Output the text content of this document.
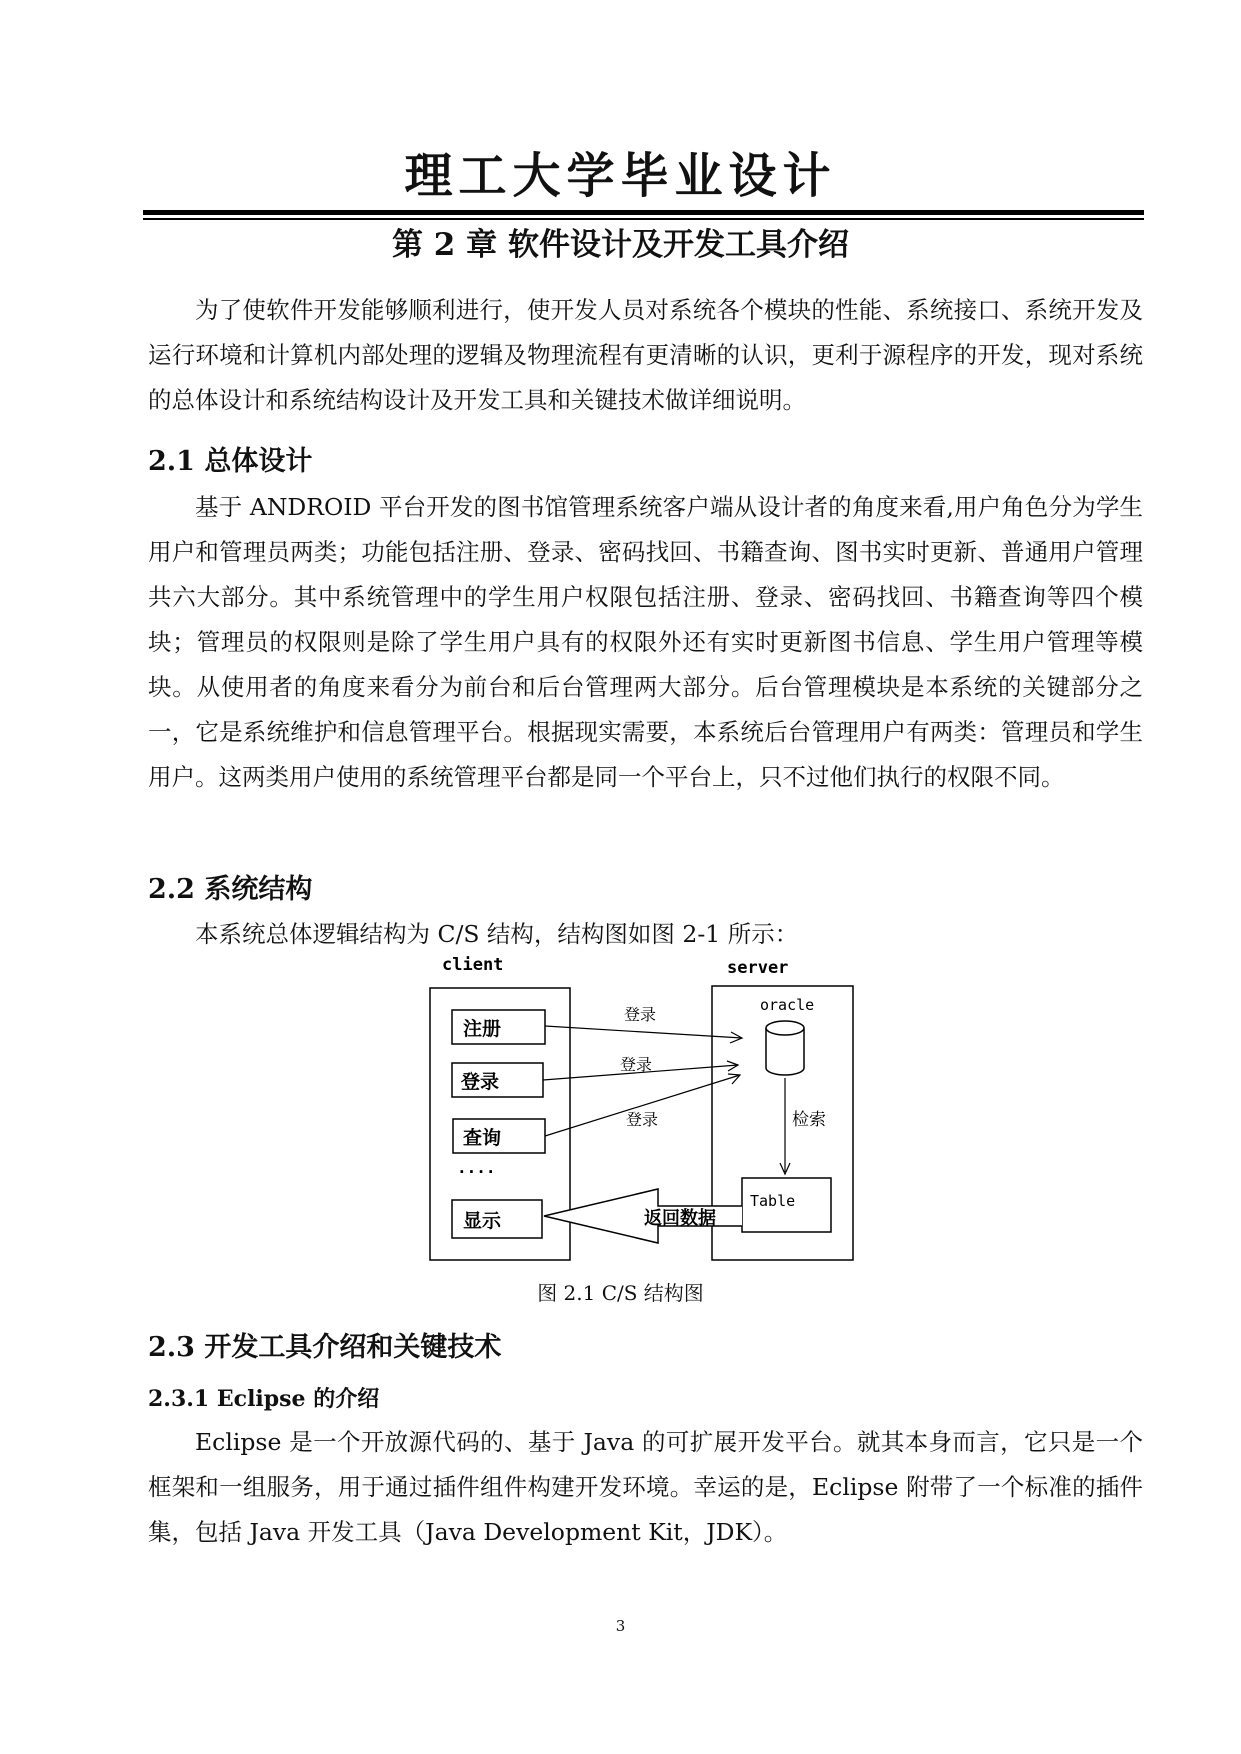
理工大学毕业设计
第 2 章 软件设计及开发工具介绍

为了使软件开发能够顺利进行，使开发人员对系统各个模块的性能、系统接口、系统开发及运行环境和计算机内部处理的逻辑及物理流程有更清晰的认识，更利于源程序的开发，现对系统的总体设计和系统结构设计及开发工具和关键技术做详细说明。

2.1 总体设计

基于 ANDROID 平台开发的图书馆管理系统客户端从设计者的角度来看,用户角色分为学生用户和管理员两类；功能包括注册、登录、密码找回、书籍查询、图书实时更新、普通用户管理共六大部分。其中系统管理中的学生用户权限包括注册、登录、密码找回、书籍查询等四个模块；管理员的权限则是除了学生用户具有的权限外还有实时更新图书信息、学生用户管理等模块。从使用者的角度来看分为前台和后台管理两大部分。后台管理模块是本系统的关键部分之一，它是系统维护和信息管理平台。根据现实需要，本系统后台管理用户有两类：管理员和学生用户。这两类用户使用的系统管理平台都是同一个平台上，只不过他们执行的权限不同。

2.2 系统结构

本系统总体逻辑结构为 C/S 结构，结构图如图 2-1 所示：

client	server
注册
登录
查询
....
显示
oracle
Table
检索
登录
登录
登录
返回数据
图 2.1 C/S 结构图
2.3 开发工具介绍和关键技术
2.3.1 Eclipse 的介绍

Eclipse 是一个开放源代码的、基于 Java 的可扩展开发平台。就其本身而言，它只是一个框架和一组服务，用于通过插件组件构建开发环境。幸运的是，Eclipse 附带了一个标准的插件集，包括 Java 开发工具（Java Development Kit，JDK）。

3
